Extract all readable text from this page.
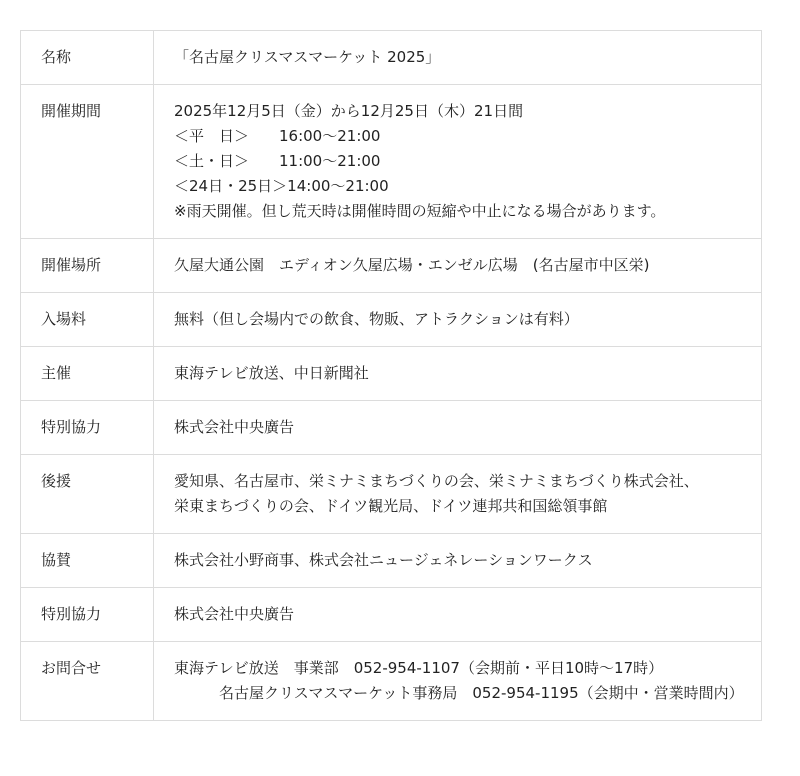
名称	「名古屋クリスマスマーケット 2025」

開催期間	2025年12月5日（金）から12月25日（木）21日間
＜平　日＞　　16:00～21:00
＜土・日＞　　11:00～21:00
＜24日・25日＞14:00～21:00
※雨天開催。但し荒天時は開催時間の短縮や中止になる場合があります。

開催場所	久屋大通公園　エディオン久屋広場・エンゼル広場　(名古屋市中区栄)

入場料	無料（但し会場内での飲食、物販、アトラクションは有料）

主催	東海テレビ放送、中日新聞社

特別協力	株式会社中央廣告

後援	愛知県、名古屋市、栄ミナミまちづくりの会、栄ミナミまちづくり株式会社、
栄東まちづくりの会、ドイツ観光局、ドイツ連邦共和国総領事館

協賛	株式会社小野商事、株式会社ニュージェネレーションワークス

特別協力	株式会社中央廣告

お問合せ	東海テレビ放送　事業部　052-954-1107（会期前・平日10時～17時）
　　　名古屋クリスマスマーケット事務局　052-954-1195（会期中・営業時間内）
